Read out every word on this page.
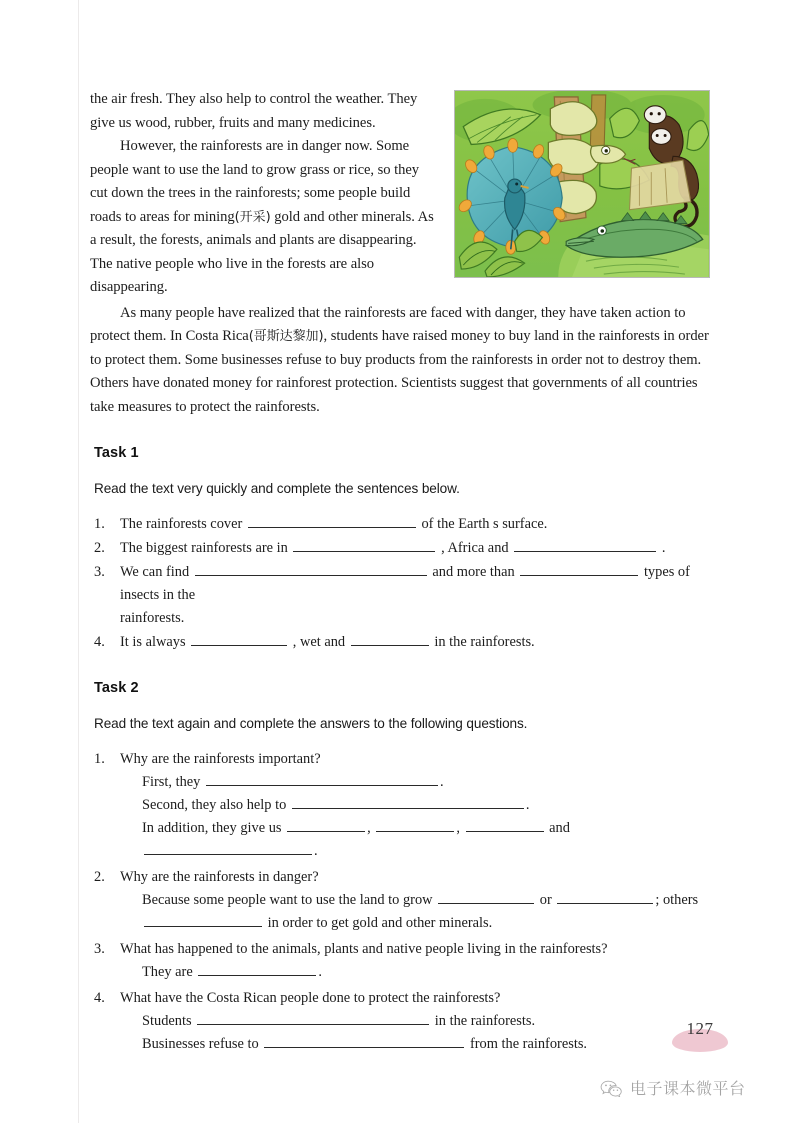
the air fresh. They also help to control the weather. They give us wood, rubber, fruits and many medicines.

However, the rainforests are in danger now. Some people want to use the land to grow grass or rice, so they cut down the trees in the rainforests; some people build roads to areas for mining(开采) gold and other minerals. As a result, the forests, animals and plants are disappearing. The native people who live in the forests are also disappearing.

As many people have realized that the rainforests are faced with danger, they have taken action to protect them. In Costa Rica(哥斯达黎加), students have raised money to buy land in the rainforests in order to protect them. Some businesses refuse to buy products from the rainforests in order not to destroy them. Others have donated money for rainforest protection. Scientists suggest that governments of all countries take measures to protect the rainforests.

Task 1

Read the text very quickly and complete the sentences below.

1.	The rainforests cover	of the Earth s surface.
2.	The biggest rainforests are in	, Africa and	.
3.	We can find	and more than	types of insects in the
rainforests.
4.	It is always	, wet and	in the rainforests.
Task 2

Read the text again and complete the answers to the following questions.

1.	Why are the rainforests important?
First, they	.
Second, they also help to	.
In addition, they give us	,	,	and .
2.	Why are the rainforests in danger?
Because some people want to use the land to grow	or	; others
in order to get gold and other minerals.
3.	What has happened to the animals, plants and native people living in the rainforests?
They are	.
4.	What have the Costa Rican people done to protect the rainforests?
Students	in the rainforests.
Businesses refuse to	from the rainforests.
127
电子课本微平台
